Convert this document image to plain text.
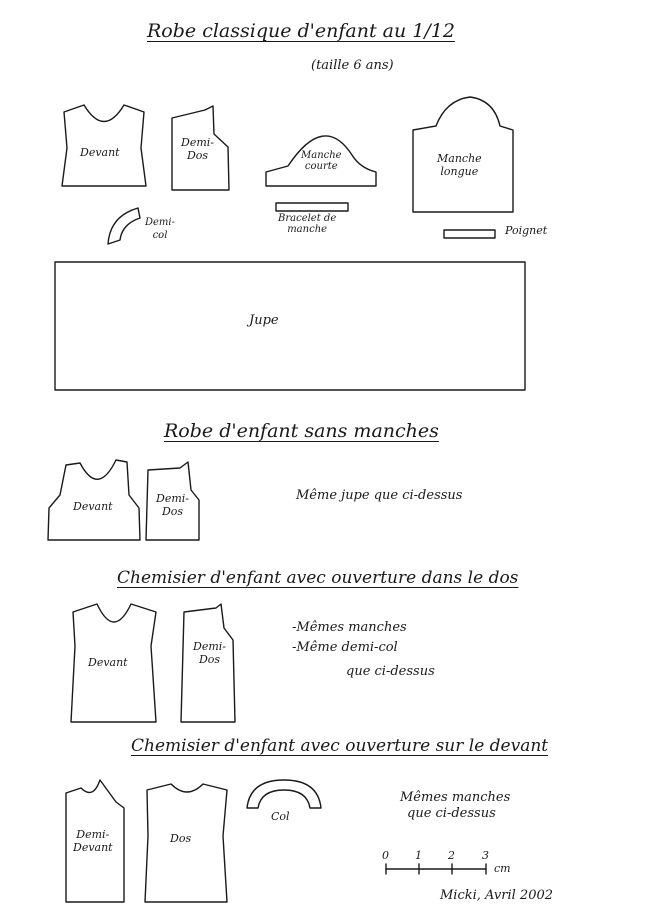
Robe classique d'enfant au 1/12
(taille 6 ans)
Devant
Demi-
Dos	Manche
courte
Manche
longue
Demi-
col
Bracelet de
manche	Poignet
Jupe
Robe d'enfant sans manches
Devant
Demi-
Dos
Même jupe que ci-dessus
Chemisier d'enfant avec ouverture dans le dos
Devant
Demi-
Dos
-Mêmes manches
-Même demi-col
que ci-dessus
Chemisier d'enfant avec ouverture sur le devant
Demi-
Devant
Dos
Col
Mêmes manches
que ci-dessus
0 1 2 3
cm
Micki, Avril 2002
